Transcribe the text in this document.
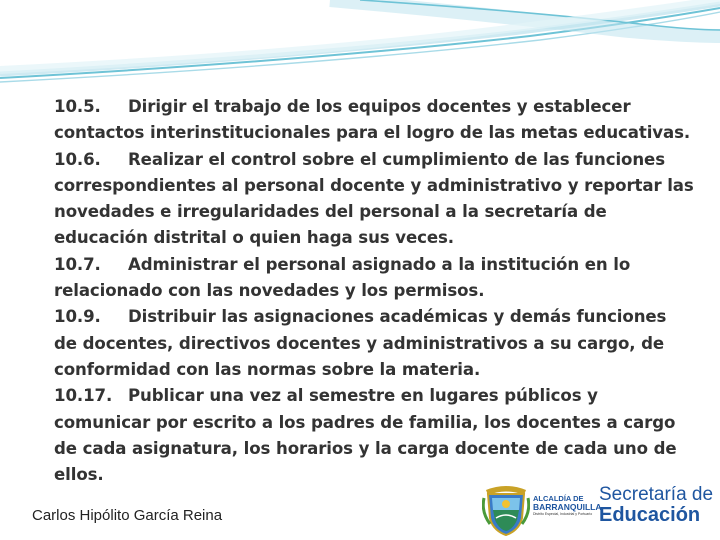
10.5. Dirigir el trabajo de los equipos docentes y establecer contactos interinstitucionales para el logro de las metas educativas.

10.6. Realizar el control sobre el cumplimiento de las funciones correspondientes al personal docente y administrativo y reportar las novedades e irregularidades del personal a la secretaría de educación distrital o quien haga sus veces.

10.7. Administrar el personal asignado a la institución en lo relacionado con las novedades y los permisos.

10.9. Distribuir las asignaciones académicas y demás funciones de docentes, directivos docentes y administrativos a su cargo, de conformidad con las normas sobre la materia.

10.17. Publicar una vez al semestre en lugares públicos y comunicar por escrito a los padres de familia, los docentes a cargo de cada asignatura, los horarios y la carga docente de cada uno de ellos.

Carlos Hipólito García Reina
ALCALDÍA DE
BARRANQUILLA
Distrito Especial, Industrial y Portuario
Secretaría de
Educación
